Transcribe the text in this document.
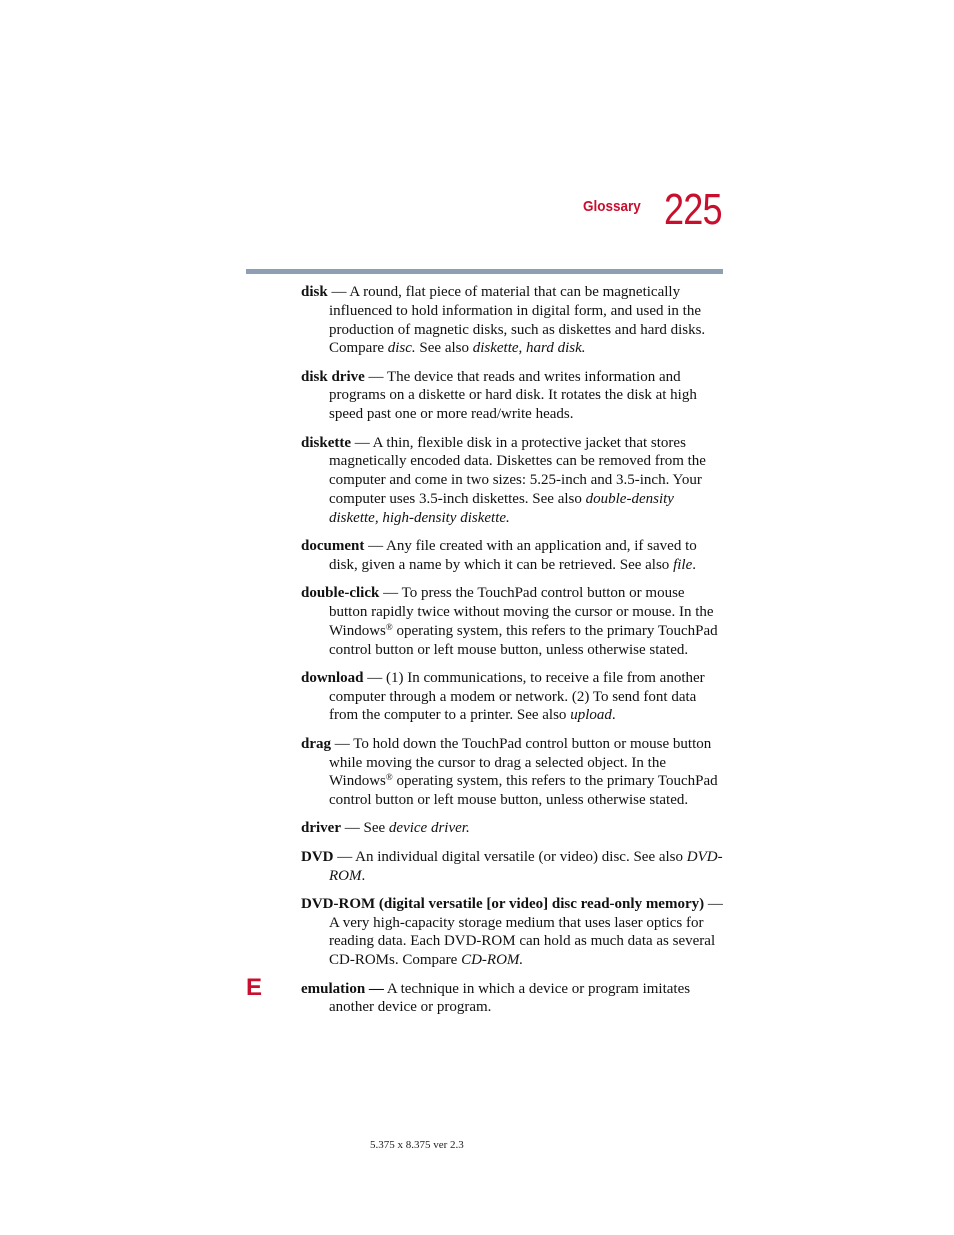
Glossary 225

disk — A round, flat piece of material that can be magnetically influenced to hold information in digital form, and used in the production of magnetic disks, such as diskettes and hard disks. Compare disc. See also diskette, hard disk.

disk drive — The device that reads and writes information and programs on a diskette or hard disk. It rotates the disk at high speed past one or more read/write heads.

diskette — A thin, flexible disk in a protective jacket that stores magnetically encoded data. Diskettes can be removed from the computer and come in two sizes: 5.25-inch and 3.5-inch. Your computer uses 3.5-inch diskettes. See also double-density diskette, high-density diskette.

document — Any file created with an application and, if saved to disk, given a name by which it can be retrieved. See also file.

double-click — To press the TouchPad control button or mouse button rapidly twice without moving the cursor or mouse. In the Windows® operating system, this refers to the primary TouchPad control button or left mouse button, unless otherwise stated.

download — (1) In communications, to receive a file from another computer through a modem or network. (2) To send font data from the computer to a printer. See also upload.

drag — To hold down the TouchPad control button or mouse button while moving the cursor to drag a selected object. In the Windows® operating system, this refers to the primary TouchPad control button or left mouse button, unless otherwise stated.

driver — See device driver.

DVD — An individual digital versatile (or video) disc. See also DVD-ROM.

DVD-ROM (digital versatile [or video] disc read-only memory) — A very high-capacity storage medium that uses laser optics for reading data. Each DVD-ROM can hold as much data as several CD-ROMs. Compare CD-ROM.

emulation — A technique in which a device or program imitates another device or program.

E
5.375 x 8.375 ver 2.3
